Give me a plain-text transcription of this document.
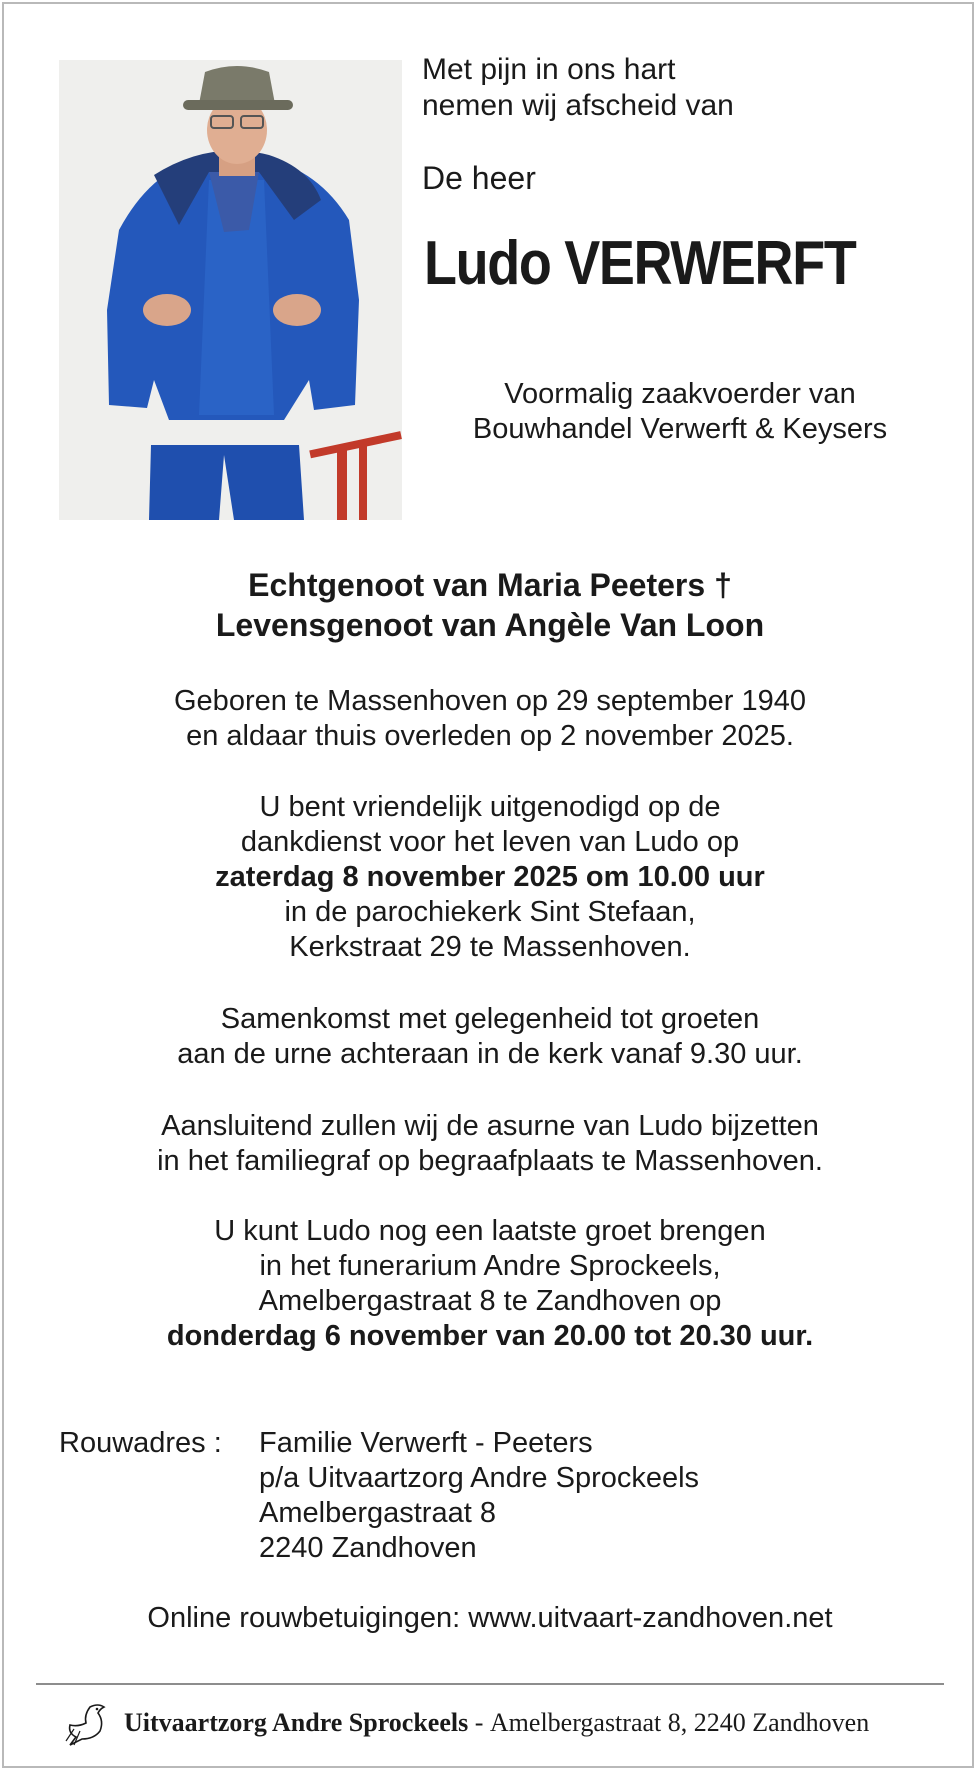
Met pijn in ons hart
nemen wij afscheid van
De heer
Ludo VERWERFT
Voormalig zaakvoerder van
Bouwhandel Verwerft & Keysers
Echtgenoot van Maria Peeters †
Levensgenoot van Angèle Van Loon
Geboren te Massenhoven op 29 september 1940
en aldaar thuis overleden op 2 november 2025.
U bent vriendelijk uitgenodigd op de
dankdienst voor het leven van Ludo op
zaterdag 8 november 2025 om 10.00 uur
in de parochiekerk Sint Stefaan,
Kerkstraat 29 te Massenhoven.
Samenkomst met gelegenheid tot groeten
aan de urne achteraan in de kerk vanaf 9.30 uur.
Aansluitend zullen wij de asurne van Ludo bijzetten
in het familiegraf op begraafplaats te Massenhoven.
U kunt Ludo nog een laatste groet brengen
in het funerarium Andre Sprockeels,
Amelbergastraat 8 te Zandhoven op
donderdag 6 november van 20.00 tot 20.30 uur.
Rouwadres : Familie Verwerft - Peeters
p/a Uitvaartzorg Andre Sprockeels
Amelbergastraat 8
2240 Zandhoven
Online rouwbetuigingen: www.uitvaart-zandhoven.net
Uitvaartzorg Andre Sprockeels - Amelbergastraat 8, 2240 Zandhoven
